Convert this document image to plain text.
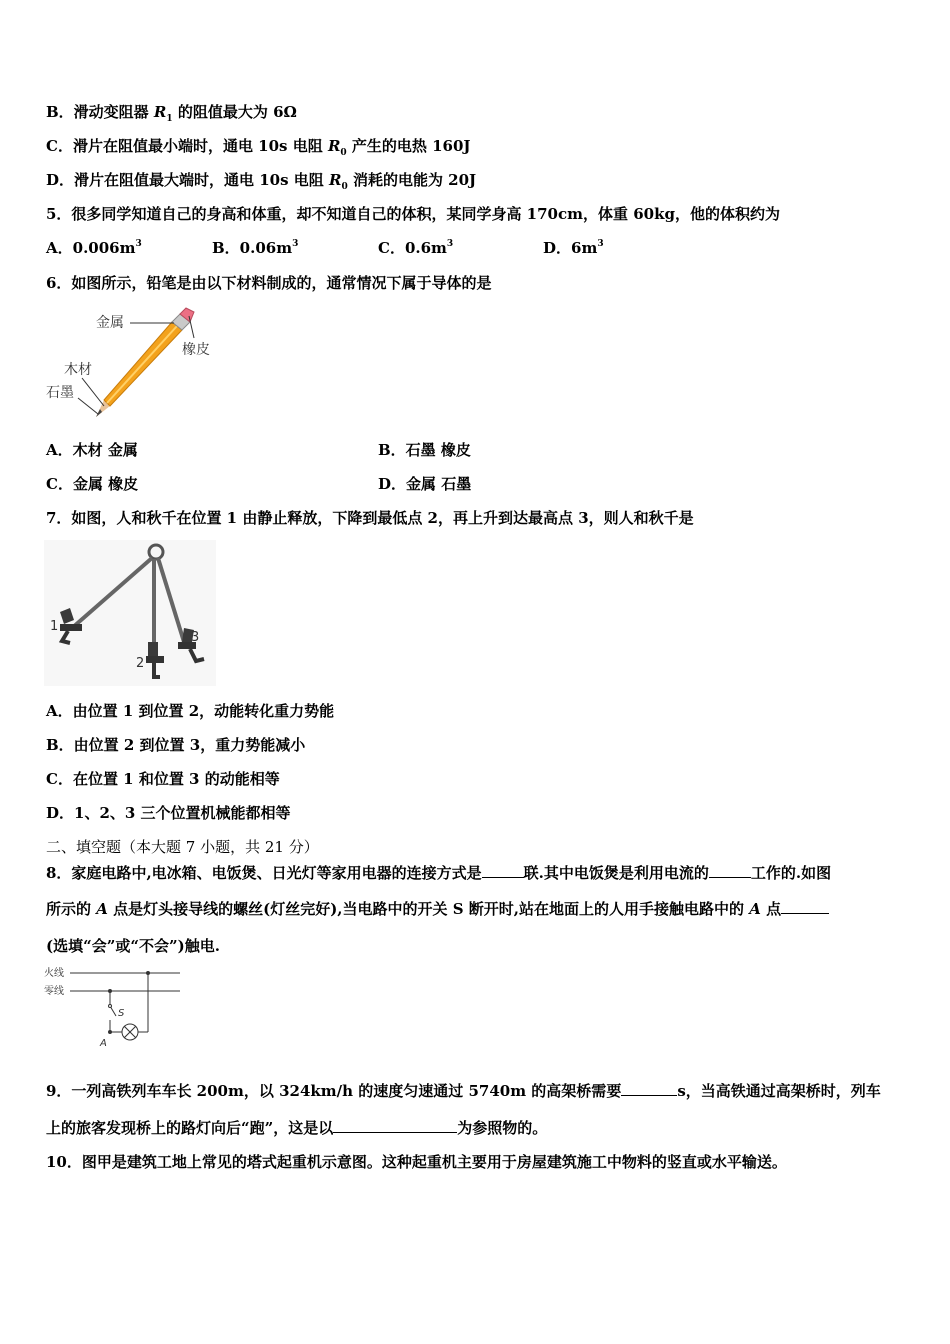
B．滑动变阻器 $R_1$ 的阻值最大为 6Ω
C．滑片在阻值最小端时，通电 10s 电阻 $R_0$ 产生的电热 160J
D．滑片在阻值最大端时，通电 10s 电阻 $R_0$ 消耗的电能为 20J
5．很多同学知道自己的身高和体重，却不知道自己的体积，某同学身高 170cm，体重 60kg，他的体积约为
A．$0.006m^3$	B．$0.06m^3$	C．$0.6m^3$	D．$6m^3$
6．如图所示，铅笔是由以下材料制成的，通常情况下属于导体的是
金属
橡皮
木材
石墨
A．木材 金属	B．石墨 橡皮
C．金属 橡皮	D．金属 石墨
7．如图，人和秋千在位置 1 由静止释放，下降到最低点 2，再上升到达最高点 3，则人和秋千是
1
2
3
A．由位置 1 到位置 2，动能转化重力势能
B．由位置 2 到位置 3，重力势能减小
C．在位置 1 和位置 3 的动能相等
D．1、2、3 三个位置机械能都相等
二、填空题（本大题 7 小题，共 21 分）
8．家庭电路中,电冰箱、电饭煲、日光灯等家用电器的连接方式是	联.其中电饭煲是利用电流的	工作的.如图
所示的 A 点是灯头接导线的螺丝(灯丝完好),当电路中的开关 S 断开时,站在地面上的人用手接触电路中的 A 点
(选填“会”或“不会”)触电.
火线
零线
S
A
9．一列高铁列车车长 200m，以 324km/h 的速度匀速通过 5740m 的高架桥需要	s，当高铁通过高架桥时，列车
上的旅客发现桥上的路灯向后“跑”，这是以	为参照物的。
10．图甲是建筑工地上常见的塔式起重机示意图。这种起重机主要用于房屋建筑施工中物料的竖直或水平输送。
